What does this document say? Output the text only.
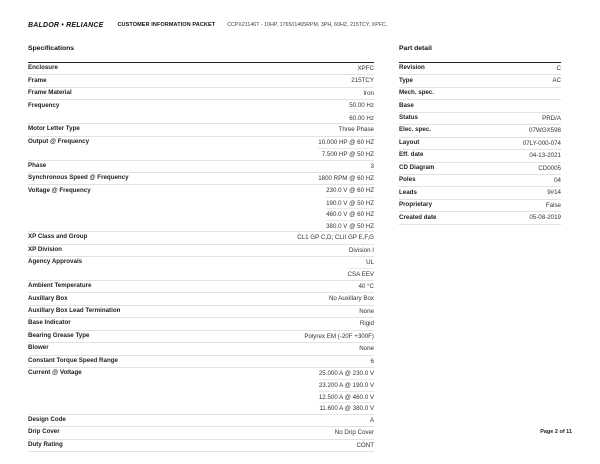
BALDOR • RELIANCE	CUSTOMER INFORMATION PACKET CCPX21146T - 10HP, 1765//1465RPM, 3PH, 60HZ, 215TCY, XPFC,
Specifications
Enclosure	XPFC
Frame	215TCY
Frame Material	Iron
Frequency	50.00 Hz
60.00 Hz
Motor Letter Type	Three Phase
Output @ Frequency	10.000 HP @ 60 HZ
7.500 HP @ 50 HZ
Phase	3
Synchronous Speed @ Frequency	1800 RPM @ 60 HZ
Voltage @ Frequency	230.0 V @ 60 HZ
190.0 V @ 50 HZ
460.0 V @ 60 HZ
380.0 V @ 50 HZ
XP Class and Group	CL1 GP C,D; CLII GP E,F,G
XP Division	Division I
Agency Approvals	UL
CSA EEV
Ambient Temperature	40 °C
Auxillary Box	No Auxillary Box
Auxillary Box Lead Termination	None
Base Indicator	Rigid
Bearing Grease Type	Polyrex EM (-20F +300F)
Blower	None
Constant Torque Speed Range	6
Current @ Voltage	25.000 A @ 230.0 V
23.200 A @ 190.0 V
12.500 A @ 460.0 V
11.600 A @ 380.0 V
Design Code	A
Drip Cover	No Drip Cover
Duty Rating	CONT
Part detail
Revision	C
Type	AC
Mech. spec.
Base
Status	PRD/A
Elec. spec.	07WGX598
Layout	07LY-000-074
Eff. date	04-13-2021
CD Diagram	CD0005
Poles	04
Leads	9#14
Proprietary	False
Created date	05-08-2019
Page 2 of 11
